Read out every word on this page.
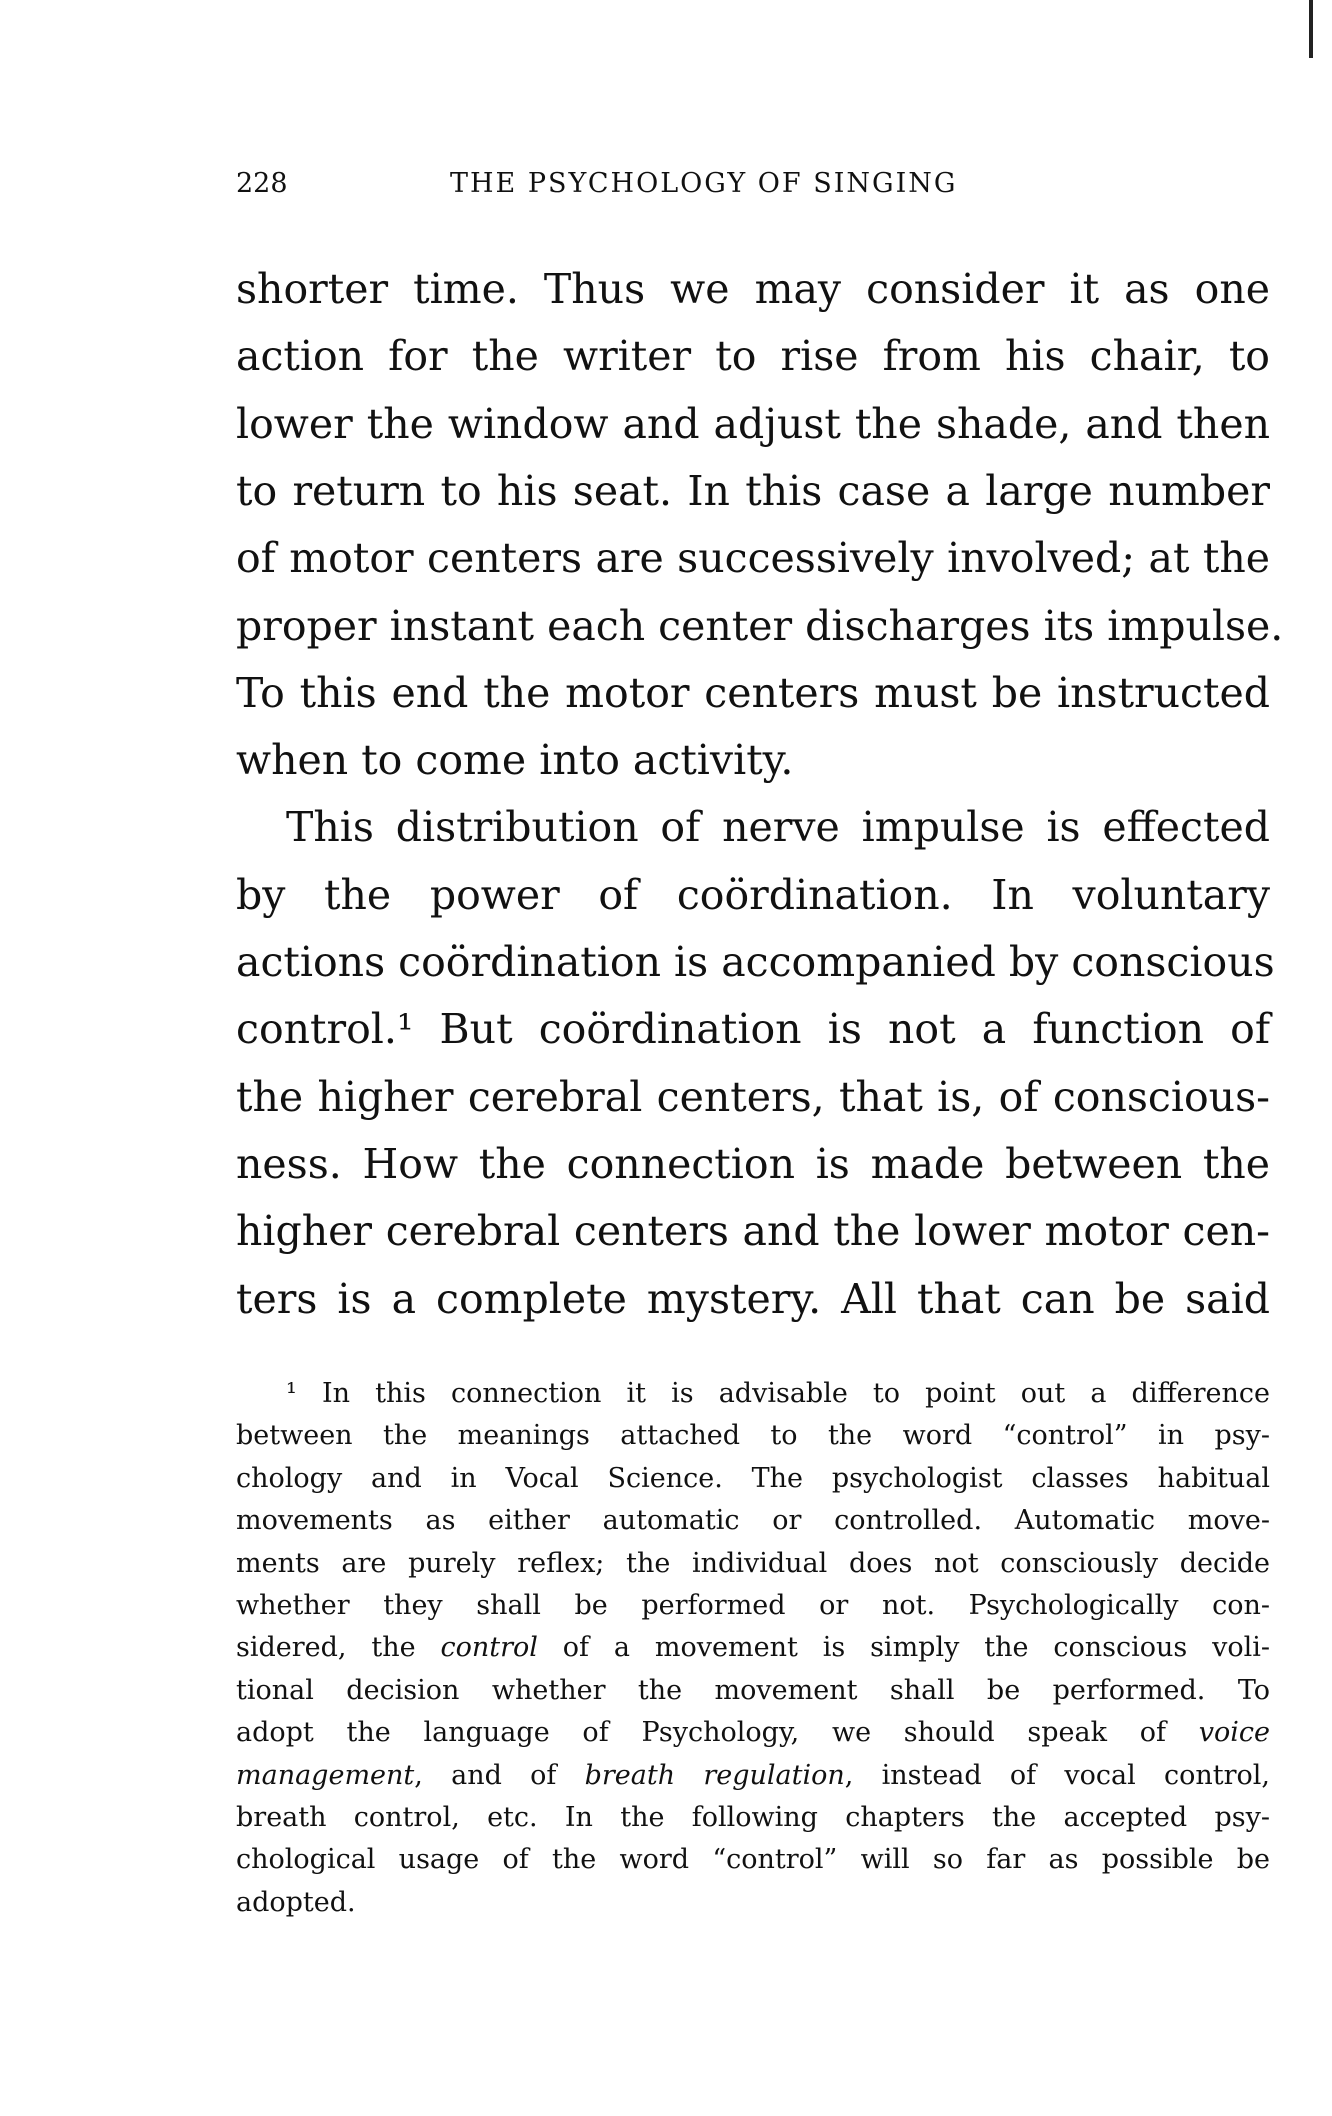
228	THE PSYCHOLOGY OF SINGING
shorter time. Thus we may consider it as one
action for the writer to rise from his chair, to
lower the window and adjust the shade, and then
to return to his seat. In this case a large number
of motor centers are successively involved; at the
proper instant each center discharges its impulse.
To this end the motor centers must be instructed
when to come into activity.
This distribution of nerve impulse is effected
by the power of coördination. In voluntary
actions coördination is accompanied by conscious
control.¹ But coördination is not a function of
the higher cerebral centers, that is, of conscious-
ness. How the connection is made between the
higher cerebral centers and the lower motor cen-
ters is a complete mystery. All that can be said
¹ In this connection it is advisable to point out a difference
between the meanings attached to the word “control” in psy-
chology and in Vocal Science. The psychologist classes habitual
movements as either automatic or controlled. Automatic move-
ments are purely reflex; the individual does not consciously decide
whether they shall be performed or not. Psychologically con-
sidered, the control of a movement is simply the conscious voli-
tional decision whether the movement shall be performed. To
adopt the language of Psychology, we should speak of voice
management, and of breath regulation, instead of vocal control,
breath control, etc. In the following chapters the accepted psy-
chological usage of the word “control” will so far as possible be
adopted.
